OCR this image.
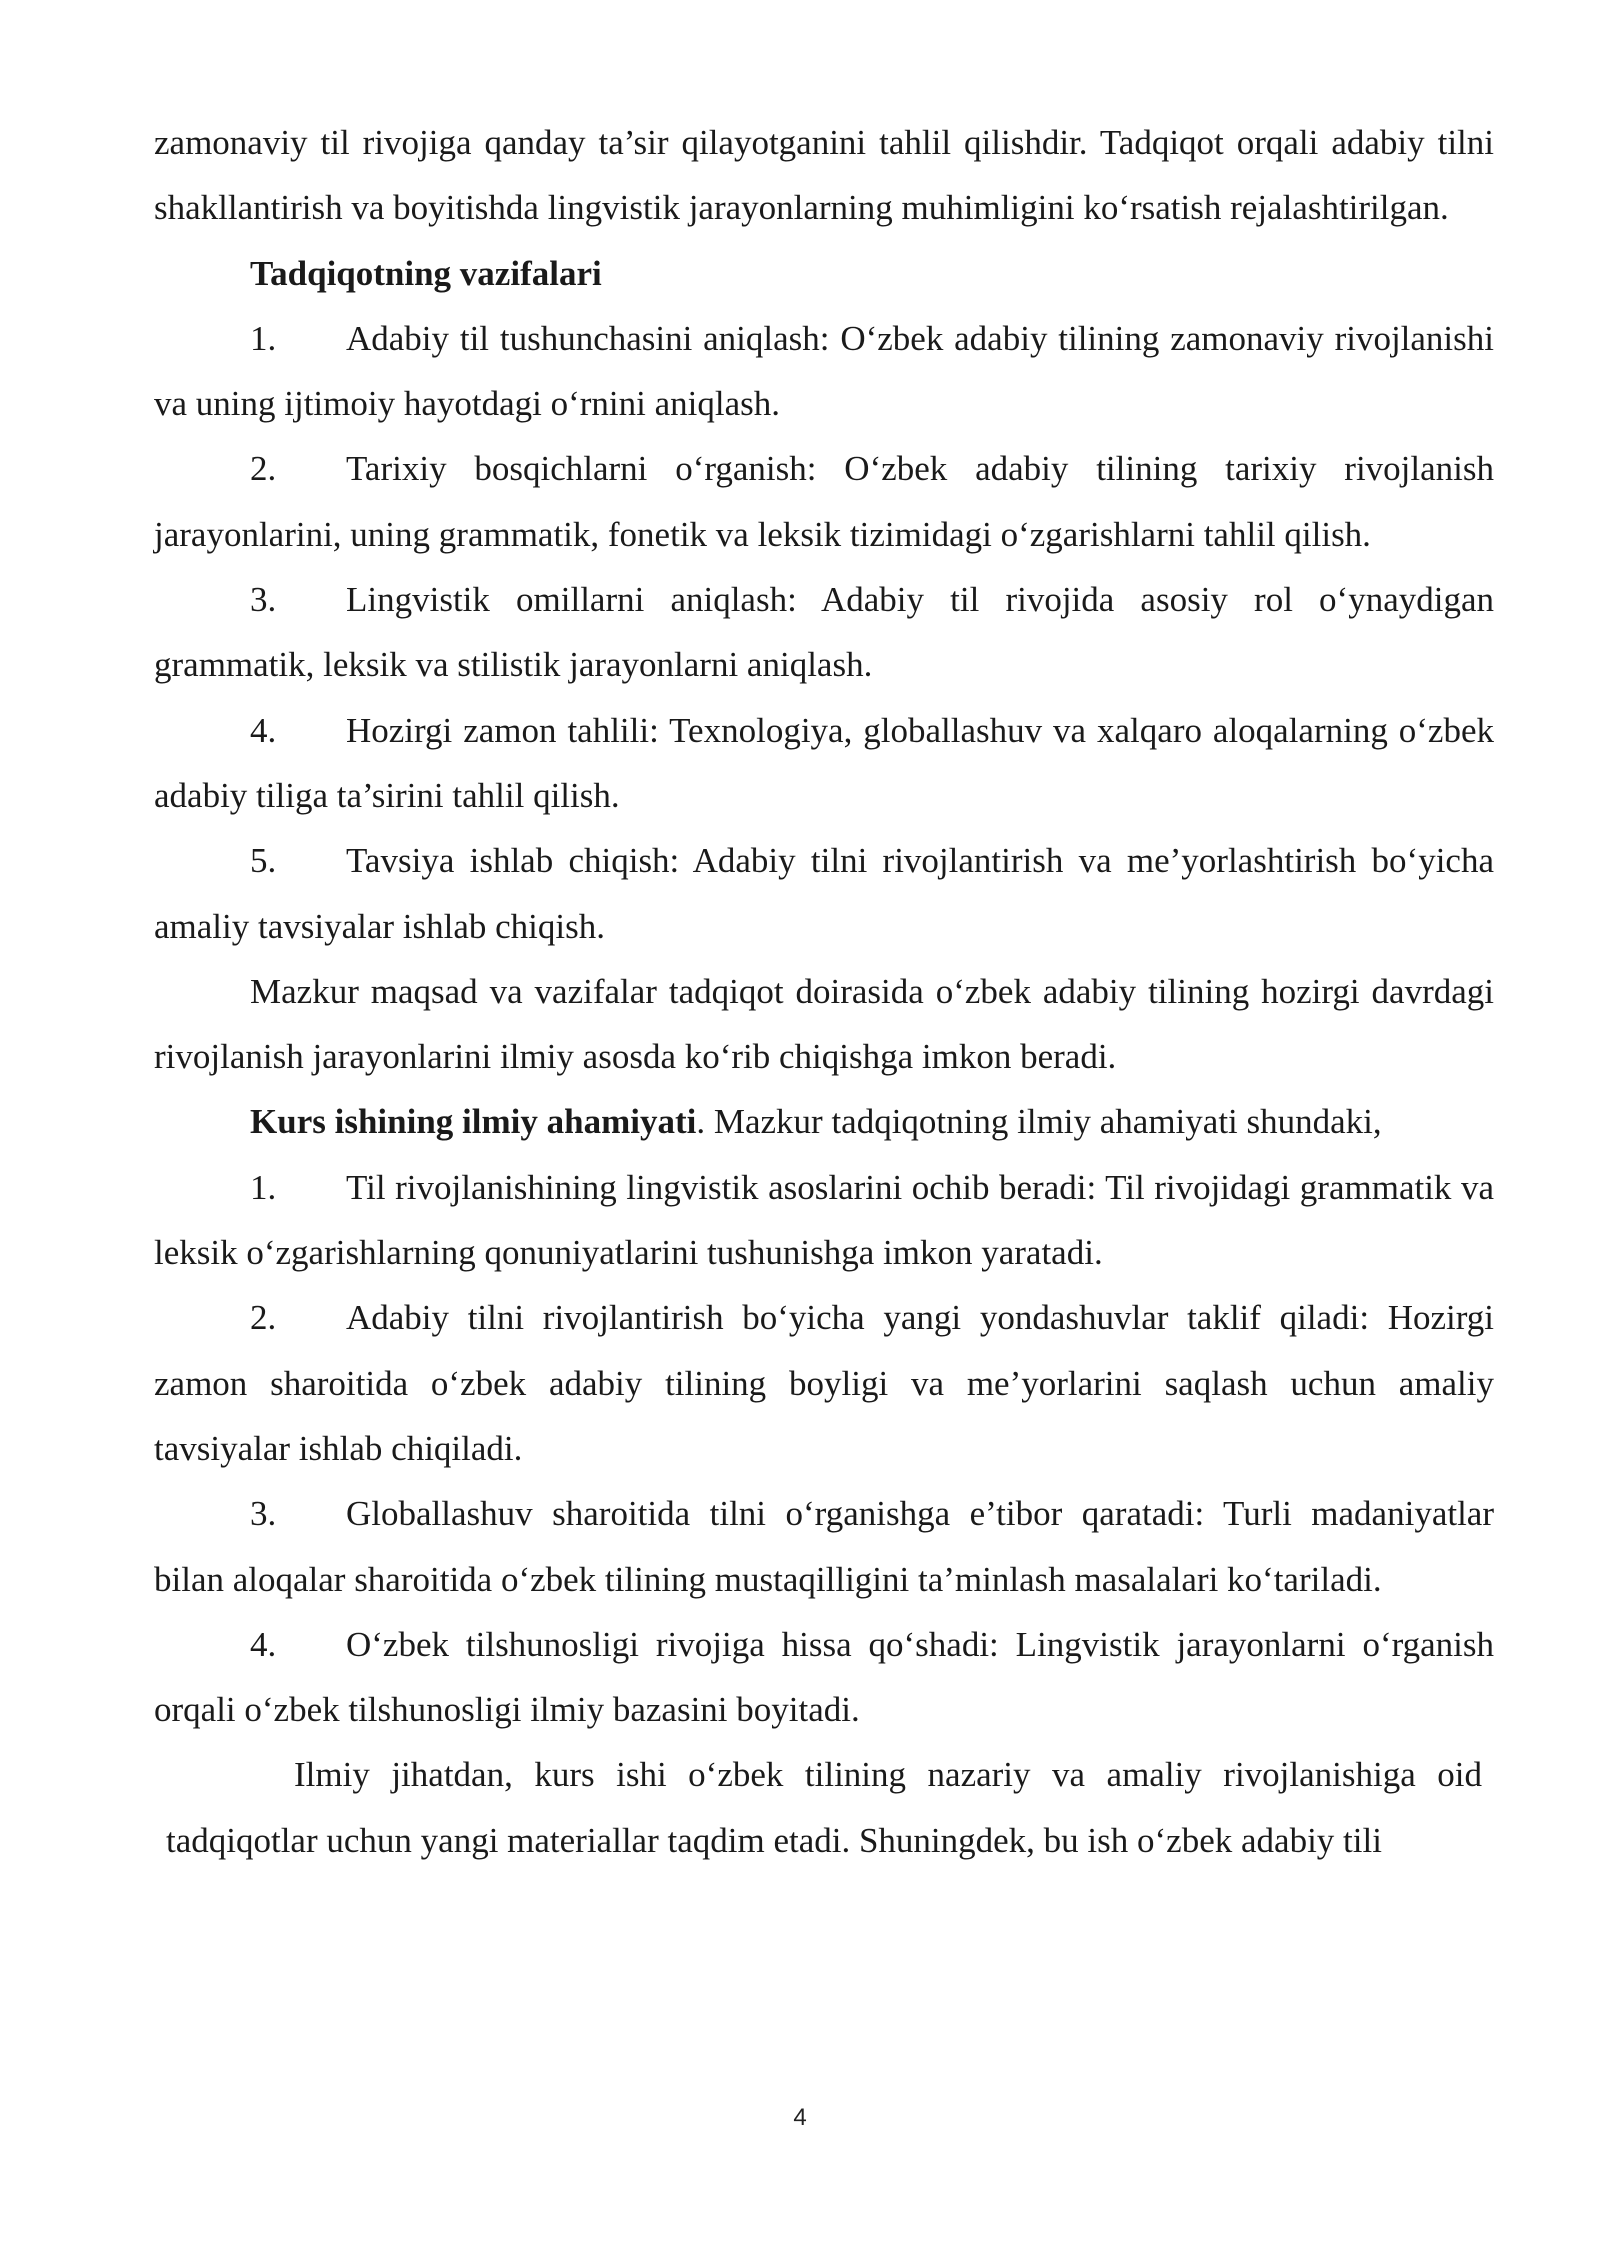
zamonaviy til rivojiga qanday ta’sir qilayotganini tahlil qilishdir. Tadqiqot orqali adabiy tilni shakllantirish va boyitishda lingvistik jarayonlarning muhimligini ko‘rsatish rejalashtirilgan.

Tadqiqotning vazifalari

1. Adabiy til tushunchasini aniqlash: O‘zbek adabiy tilining zamonaviy rivojlanishi va uning ijtimoiy hayotdagi o‘rnini aniqlash.

2. Tarixiy bosqichlarni o‘rganish: O‘zbek adabiy tilining tarixiy rivojlanish jarayonlarini, uning grammatik, fonetik va leksik tizimidagi o‘zgarishlarni tahlil qilish.

3. Lingvistik omillarni aniqlash: Adabiy til rivojida asosiy rol o‘ynaydigan grammatik, leksik va stilistik jarayonlarni aniqlash.

4. Hozirgi zamon tahlili: Texnologiya, globallashuv va xalqaro aloqalarning o‘zbek adabiy tiliga ta’sirini tahlil qilish.

5. Tavsiya ishlab chiqish: Adabiy tilni rivojlantirish va me’yorlashtirish bo‘yicha amaliy tavsiyalar ishlab chiqish.

Mazkur maqsad va vazifalar tadqiqot doirasida o‘zbek adabiy tilining hozirgi davrdagi rivojlanish jarayonlarini ilmiy asosda ko‘rib chiqishga imkon beradi.

Kurs ishining ilmiy ahamiyati. Mazkur tadqiqotning ilmiy ahamiyati shundaki,

1. Til rivojlanishining lingvistik asoslarini ochib beradi: Til rivojidagi grammatik va leksik o‘zgarishlarning qonuniyatlarini tushunishga imkon yaratadi.

2. Adabiy tilni rivojlantirish bo‘yicha yangi yondashuvlar taklif qiladi: Hozirgi zamon sharoitida o‘zbek adabiy tilining boyligi va me’yorlarini saqlash uchun amaliy tavsiyalar ishlab chiqiladi.

3. Globallashuv sharoitida tilni o‘rganishga e’tibor qaratadi: Turli madaniyatlar bilan aloqalar sharoitida o‘zbek tilining mustaqilligini ta’minlash masalalari ko‘tariladi.

4. O‘zbek tilshunosligi rivojiga hissa qo‘shadi: Lingvistik jarayonlarni o‘rganish orqali o‘zbek tilshunosligi ilmiy bazasini boyitadi.

Ilmiy jihatdan, kurs ishi o‘zbek tilining nazariy va amaliy rivojlanishiga oid tadqiqotlar uchun yangi materiallar taqdim etadi. Shuningdek, bu ish o‘zbek adabiy tili

4
